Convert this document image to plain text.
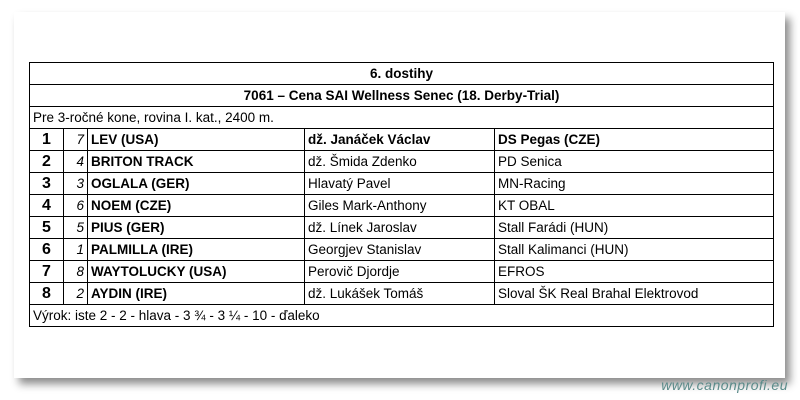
6. dostihy				
7061 – Cena SAI Wellness Senec (18. Derby-Trial)				
Pre 3-ročné kone, rovina I. kat., 2400 m.				
1	7	LEV (USA)	dž. Janáček Václav	DS Pegas (CZE)
2	4	BRITON TRACK	dž. Šmida Zdenko	PD Senica
3	3	OGLALA (GER)	Hlavatý Pavel	MN-Racing
4	6	NOEM (CZE)	Giles Mark-Anthony	KT OBAL
5	5	PIUS (GER)	dž. Línek Jaroslav	Stall Farádi (HUN)
6	1	PALMILLA (IRE)	Georgjev Stanislav	Stall Kalimanci (HUN)
7	8	WAYTOLUCKY (USA)	Perovič Djordje	EFROS
8	2	AYDIN (IRE)	dž. Lukášek Tomáš	Sloval ŠK Real Brahal Elektrovod
Výrok: iste 2 - 2 - hlava - 3 ¾ - 3 ¼ - 10 - ďaleko				
www.canonprofi.eu
